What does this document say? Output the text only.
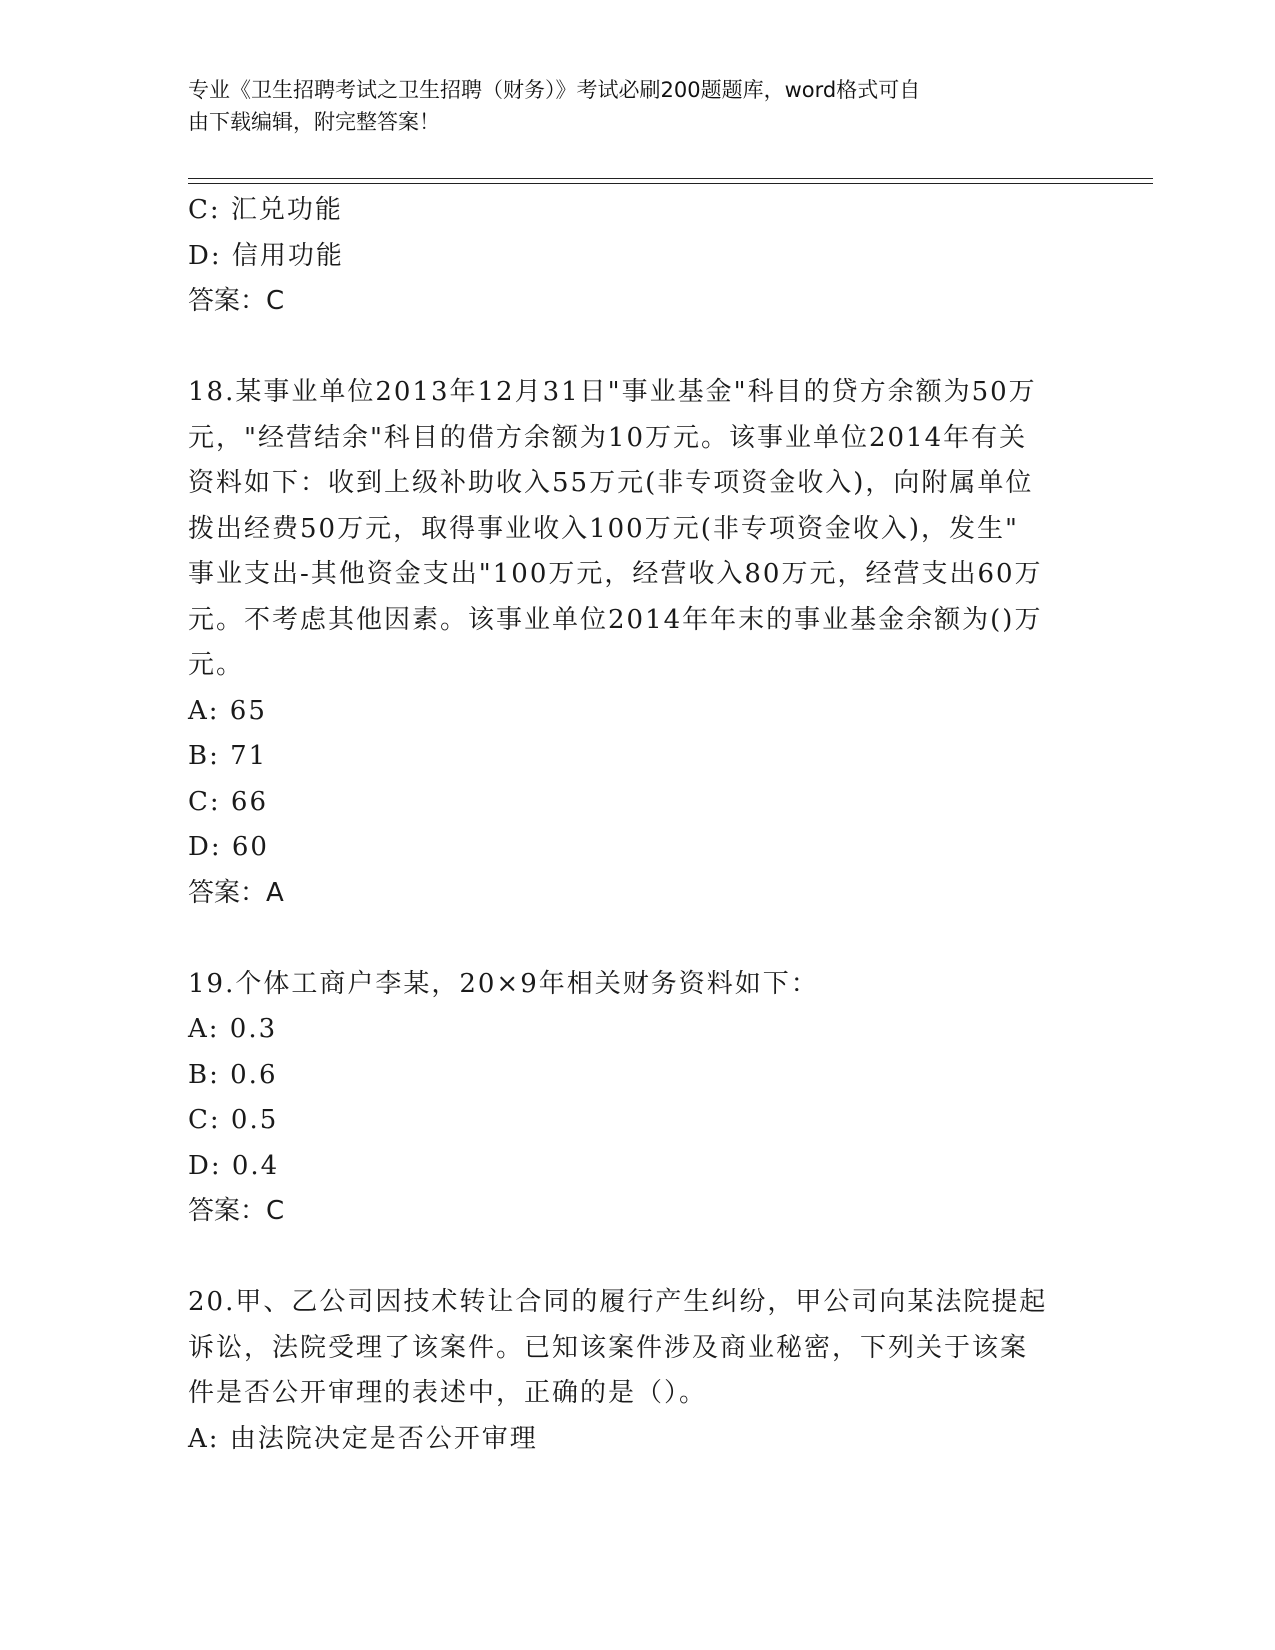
专业《卫生招聘考试之卫生招聘（财务）》考试必刷200题题库，word格式可自
由下载编辑，附完整答案！
C: 汇兑功能
D: 信用功能
答案：C
18.某事业单位2013年12月31日"事业基金"科目的贷方余额为50万
元，"经营结余"科目的借方余额为10万元。该事业单位2014年有关
资料如下：收到上级补助收入55万元(非专项资金收入)，向附属单位
拨出经费50万元，取得事业收入100万元(非专项资金收入)，发生"
事业支出-其他资金支出"100万元，经营收入80万元，经营支出60万
元。不考虑其他因素。该事业单位2014年年末的事业基金余额为()万
元。
A: 65
B: 71
C: 66
D: 60
答案：A
19.个体工商户李某，20×9年相关财务资料如下：
A: 0.3
B: 0.6
C: 0.5
D: 0.4
答案：C
20.甲、乙公司因技术转让合同的履行产生纠纷，甲公司向某法院提起
诉讼，法院受理了该案件。已知该案件涉及商业秘密，下列关于该案
件是否公开审理的表述中，正确的是（）。
A: 由法院决定是否公开审理
